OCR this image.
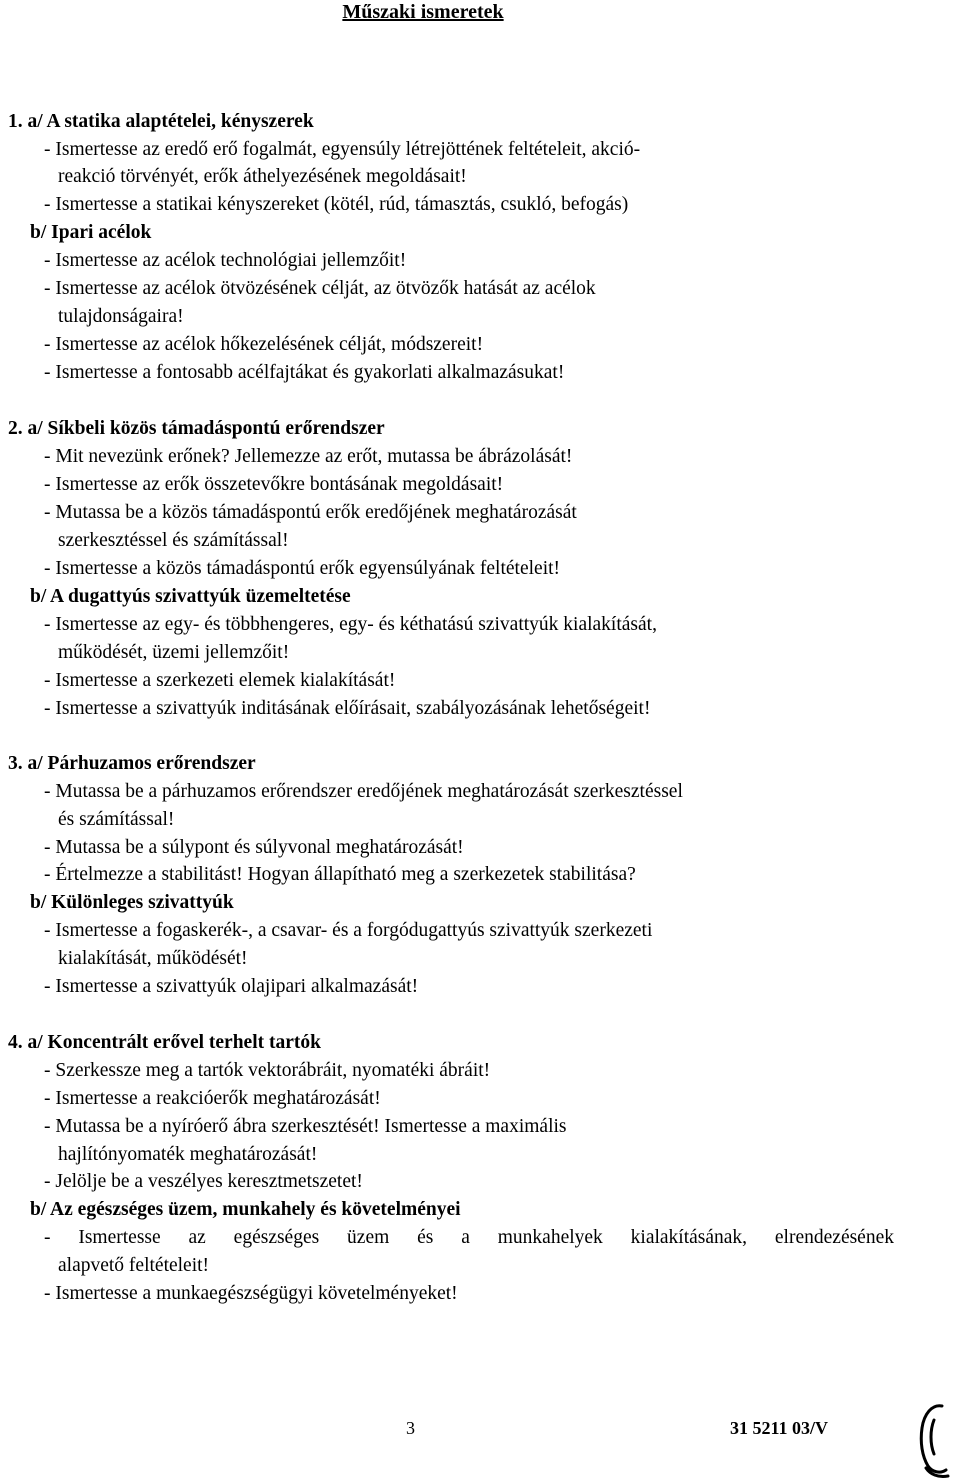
Műszaki ismeretek
1. a/ A statika alaptételei, kényszerek
- Ismertesse az eredő erő fogalmát, egyensúly létrejöttének feltételeit, akció-
reakció törvényét, erők áthelyezésének megoldásait!
- Ismertesse a statikai kényszereket (kötél, rúd, támasztás, csukló, befogás)
b/ Ipari acélok
- Ismertesse az acélok technológiai jellemzőit!
- Ismertesse az acélok ötvözésének célját, az ötvözők hatását az acélok
tulajdonságaira!
- Ismertesse az acélok hőkezelésének célját, módszereit!
- Ismertesse a fontosabb acélfajtákat és gyakorlati alkalmazásukat!
2. a/ Síkbeli közös támadáspontú erőrendszer
- Mit nevezünk erőnek? Jellemezze az erőt, mutassa be ábrázolását!
- Ismertesse az erők összetevőkre bontásának megoldásait!
- Mutassa be a közös támadáspontú erők eredőjének meghatározását
szerkesztéssel és számítással!
- Ismertesse a közös támadáspontú erők egyensúlyának feltételeit!
b/ A dugattyús szivattyúk üzemeltetése
- Ismertesse az egy- és többhengeres, egy- és kéthatású szivattyúk kialakítását,
működését, üzemi jellemzőit!
- Ismertesse a szerkezeti elemek kialakítását!
- Ismertesse a szivattyúk inditásának előírásait, szabályozásának lehetőségeit!
3. a/ Párhuzamos erőrendszer
- Mutassa be a párhuzamos erőrendszer eredőjének meghatározását szerkesztéssel
és számítással!
- Mutassa be a súlypont és súlyvonal meghatározását!
- Értelmezze a stabilitást! Hogyan állapítható meg a szerkezetek stabilitása?
b/ Különleges szivattyúk
- Ismertesse a fogaskerék-, a csavar- és a forgódugattyús szivattyúk szerkezeti
kialakítását, működését!
- Ismertesse a szivattyúk olajipari alkalmazását!
4. a/ Koncentrált erővel terhelt tartók
- Szerkessze meg a tartók vektorábráit, nyomatéki ábráit!
- Ismertesse a reakcióerők meghatározását!
- Mutassa be a nyíróerő ábra szerkesztését! Ismertesse a maximális
hajlítónyomaték meghatározását!
- Jelölje be a veszélyes keresztmetszetet!
b/ Az egészséges üzem, munkahely és követelményei
- Ismertesse az egészséges üzem és a munkahelyek kialakításának, elrendezésének
alapvető feltételeit!
- Ismertesse a munkaegészségügyi követelményeket!
3	31 5211 03/V
